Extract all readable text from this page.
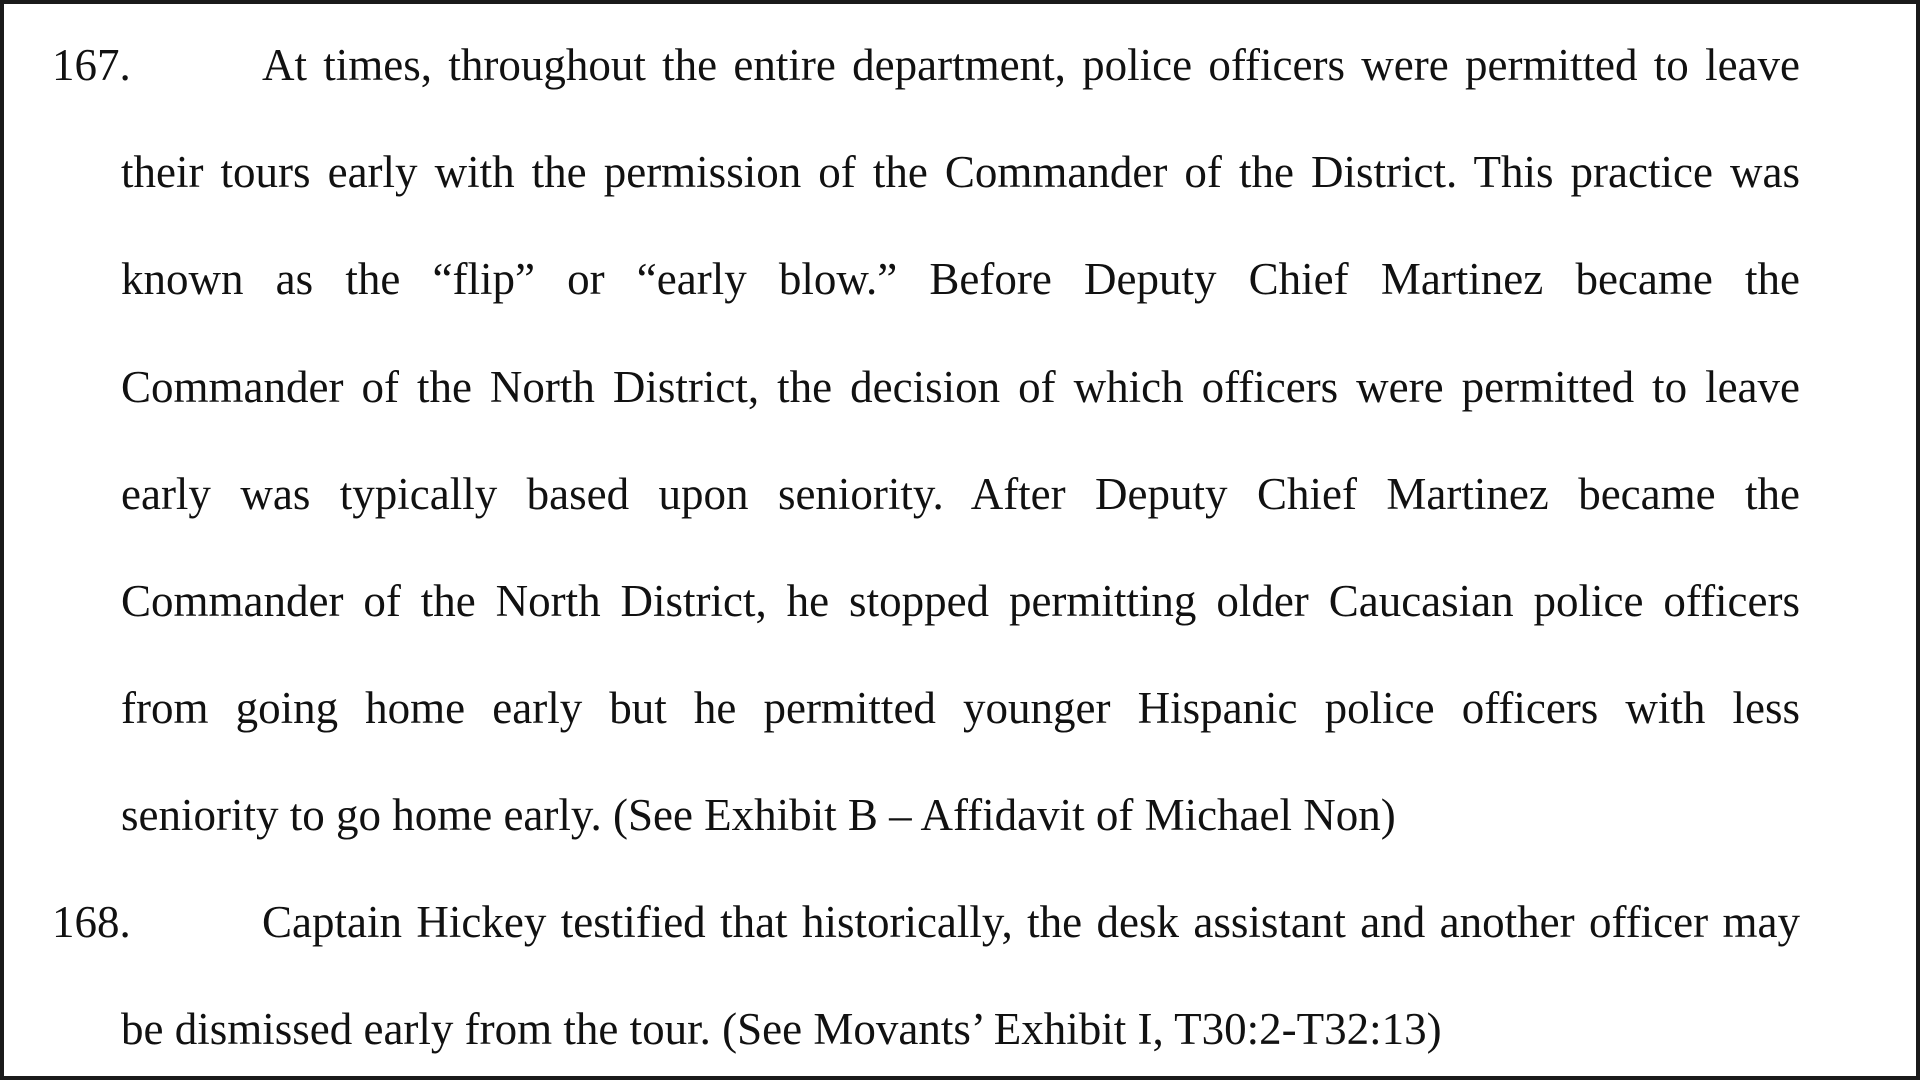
167.	At times, throughout the entire department, police officers were permitted to leave
their tours early with the permission of the Commander of the District. This practice was
known as the “flip” or “early blow.” Before Deputy Chief Martinez became the
Commander of the North District, the decision of which officers were permitted to leave
early was typically based upon seniority. After Deputy Chief Martinez became the
Commander of the North District, he stopped permitting older Caucasian police officers
from going home early but he permitted younger Hispanic police officers with less
seniority to go home early. (See Exhibit B – Affidavit of Michael Non)
168.	Captain Hickey testified that historically, the desk assistant and another officer may
be dismissed early from the tour. (See Movants’ Exhibit I, T30:2-T32:13)
